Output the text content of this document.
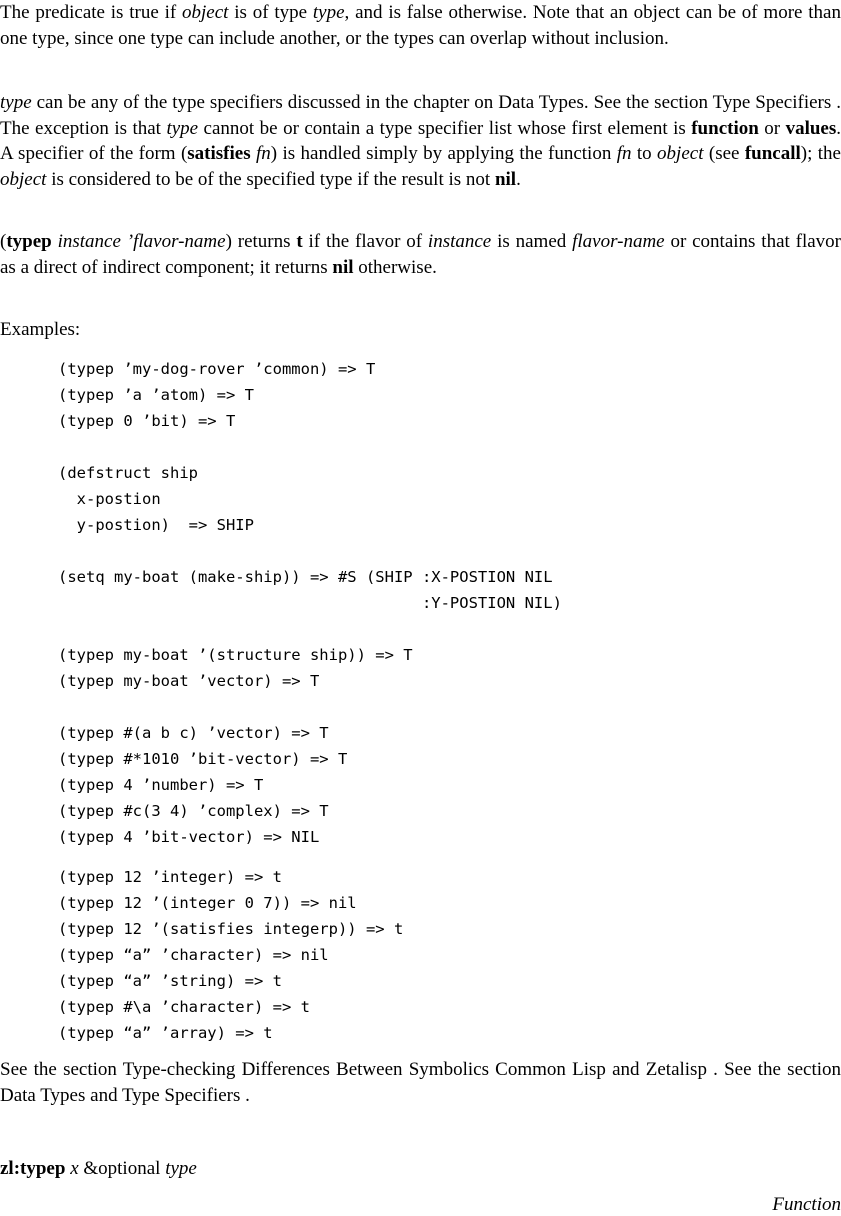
The predicate is true if object is of type type, and is false otherwise. Note that an object can be of more than one type, since one type can include another, or the types can overlap without inclusion.

type can be any of the type specifiers discussed in the chapter on Data Types. See the section Type Specifiers . The exception is that type cannot be or contain a type specifier list whose first element is function or values. A specifier of the form (satisfies fn) is handled simply by applying the function fn to object (see funcall); the object is considered to be of the specified type if the result is not nil.

(typep instance ’flavor-name) returns t if the flavor of instance is named flavor-name or contains that flavor as a direct of indirect component; it returns nil otherwise.

Examples:

(typep ’my-dog-rover ’common) => T
(typep ’a ’atom) => T
(typep 0 ’bit) => T

(defstruct ship
x-postion
y-postion)  => SHIP

(setq my-boat (make-ship)) => #S (SHIP :X-POSTION NIL
:Y-POSTION NIL)

(typep my-boat ’(structure ship)) => T
(typep my-boat ’vector) => T

(typep #(a b c) ’vector) => T
(typep #*1010 ’bit-vector) => T
(typep 4 ’number) => T
(typep #c(3 4) ’complex) => T
(typep 4 ’bit-vector) => NIL
(typep 12 ’integer) => t
(typep 12 ’(integer 0 7)) => nil
(typep 12 ’(satisfies integerp)) => t
(typep “a” ’character) => nil
(typep “a” ’string) => t
(typep #\a ’character) => t
(typep “a” ’array) => t

See the section Type-checking Differences Between Symbolics Common Lisp and Zetalisp . See the section Data Types and Type Specifiers .

zl:typep x &optional type
Function
